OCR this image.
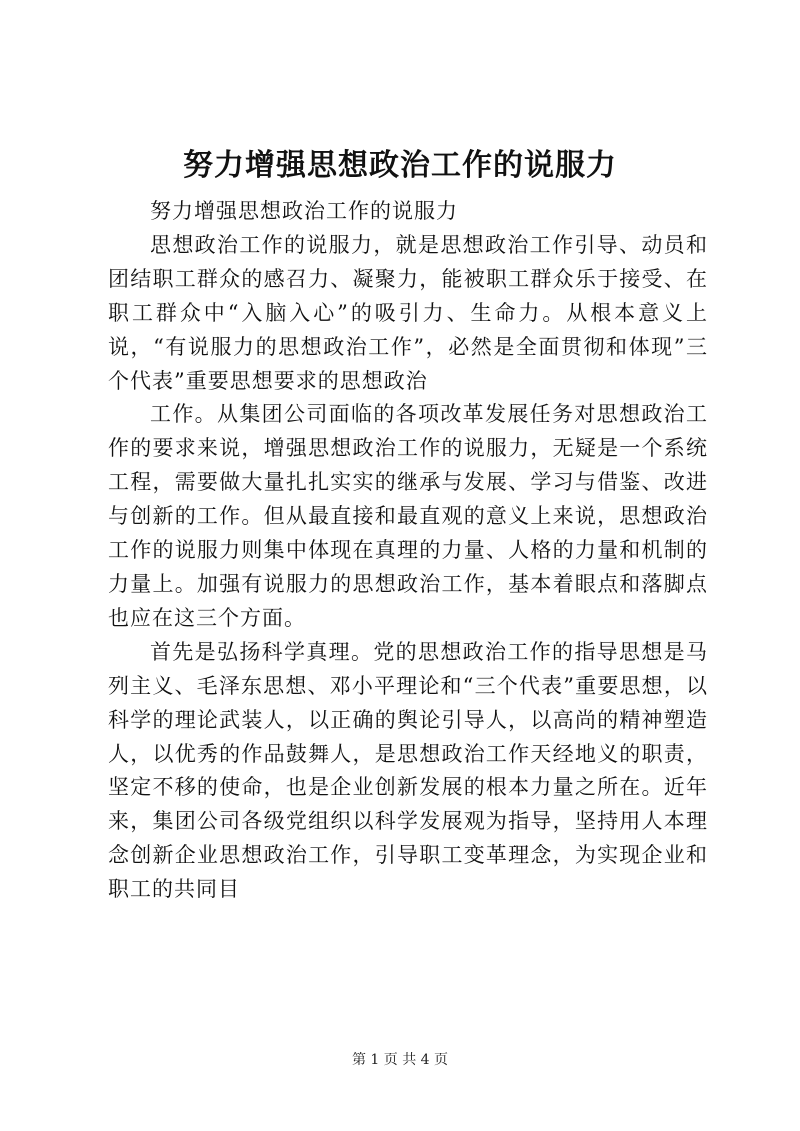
努力增强思想政治工作的说服力

努力增强思想政治工作的说服力

思想政治工作的说服力，就是思想政治工作引导、动员和团结职工群众的感召力、凝聚力，能被职工群众乐于接受、在职工群众中“入脑入心”的吸引力、生命力。从根本意义上说，“有说服力的思想政治工作”，必然是全面贯彻和体现”三个代表”重要思想要求的思想政治

工作。从集团公司面临的各项改革发展任务对思想政治工作的要求来说，增强思想政治工作的说服力，无疑是一个系统工程，需要做大量扎扎实实的继承与发展、学习与借鉴、改进与创新的工作。但从最直接和最直观的意义上来说，思想政治工作的说服力则集中体现在真理的力量、人格的力量和机制的力量上。加强有说服力的思想政治工作，基本着眼点和落脚点也应在这三个方面。

首先是弘扬科学真理。党的思想政治工作的指导思想是马列主义、毛泽东思想、邓小平理论和“三个代表”重要思想，以科学的理论武装人，以正确的舆论引导人，以高尚的精神塑造人，以优秀的作品鼓舞人，是思想政治工作天经地义的职责，坚定不移的使命，也是企业创新发展的根本力量之所在。近年来，集团公司各级党组织以科学发展观为指导，坚持用人本理念创新企业思想政治工作，引导职工变革理念，为实现企业和职工的共同目

第 1 页 共 4 页
